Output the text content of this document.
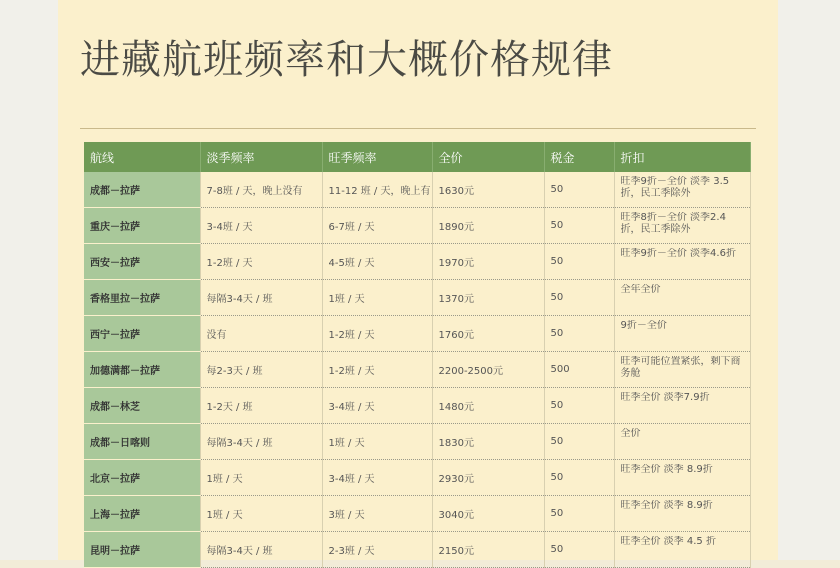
进藏航班频率和大概价格规律
航线	淡季频率	旺季频率	全价	税金	折扣
成都－拉萨	7-8班 / 天，晚上没有	11-12 班 / 天，晚上有	1630元	50	旺季9折－全价 淡季 3.5折，民工季除外

重庆－拉萨	3-4班 / 天	6-7班 / 天	1890元	50	旺季8折－全价 淡季2.4折，民工季除外

西安－拉萨	1-2班 / 天	4-5班 / 天	1970元	50	旺季9折－全价 淡季4.6折

香格里拉－拉萨	每隔3-4天 / 班	1班 / 天	1370元	50	全年全价

西宁－拉萨	没有	1-2班 / 天	1760元	50	9折－全价

加德满都－拉萨	每2-3天 / 班	1-2班 / 天	2200-2500元	500	旺季可能位置紧张，剩下商务舱

成都－林芝	1-2天 / 班	3-4班 / 天	1480元	50	旺季全价 淡季7.9折

成都－日喀则	每隔3-4天 / 班	1班 / 天	1830元	50	全价

北京－拉萨	1班 / 天	3-4班 / 天	2930元	50	旺季全价 淡季 8.9折

上海－拉萨	1班 / 天	3班 / 天	3040元	50	旺季全价 淡季 8.9折

昆明－拉萨	每隔3-4天 / 班	2-3班 / 天	2150元	50	旺季全价 淡季 4.5 折
